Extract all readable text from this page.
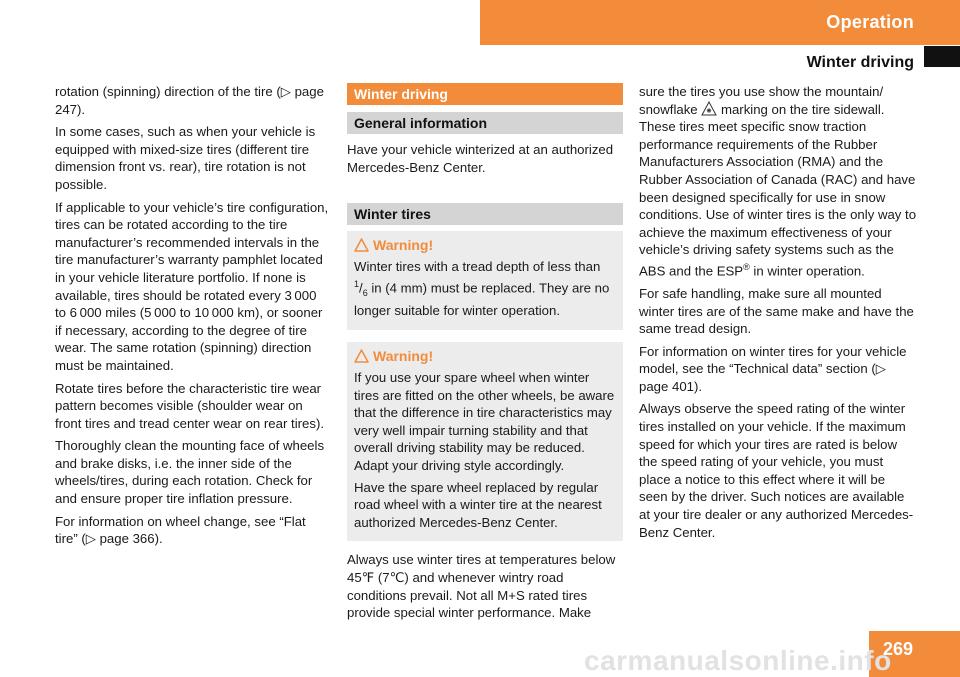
Operation
Winter driving

rotation (spinning) direction of the tire (▷ page 247).

In some cases, such as when your vehicle is equipped with mixed-size tires (different tire dimension front vs. rear), tire rotation is not possible.

If applicable to your vehicle’s tire configuration, tires can be rotated according to the tire manufacturer’s recommended intervals in the tire manufacturer’s warranty pamphlet located in your vehicle literature portfolio. If none is available, tires should be rotated every 3 000 to 6 000 miles (5 000 to 10 000 km), or sooner if necessary, according to the degree of tire wear. The same rotation (spinning) direction must be maintained.

Rotate tires before the characteristic tire wear pattern becomes visible (shoulder wear on front tires and tread center wear on rear tires).

Thoroughly clean the mounting face of wheels and brake disks, i.e. the inner side of the wheels/tires, during each rotation. Check for and ensure proper tire inflation pressure.

For information on wheel change, see “Flat tire” (▷ page 366).

Winter driving
General information

Have your vehicle winterized at an authorized Mercedes-Benz Center.

Winter tires
Warning!

Winter tires with a tread depth of less than $^1/_6$ in (4 mm) must be replaced. They are no longer suitable for winter operation.

Warning!

If you use your spare wheel when winter tires are fitted on the other wheels, be aware that the difference in tire characteristics may very well impair turning stability and that overall driving stability may be reduced. Adapt your driving style accordingly.

Have the spare wheel replaced by regular road wheel with a winter tire at the nearest authorized Mercedes-Benz Center.

Always use winter tires at temperatures below 45℉ (7℃) and whenever wintry road conditions prevail. Not all M+S rated tires provide special winter performance. Make

sure the tires you use show the mountain/ snowflake  marking on the tire sidewall. These tires meet specific snow traction performance requirements of the Rubber Manufacturers Association (RMA) and the Rubber Association of Canada (RAC) and have been designed specifically for use in snow conditions. Use of winter tires is the only way to achieve the maximum effectiveness of your vehicle’s driving safety systems such as the ABS and the ESP® in winter operation.

For safe handling, make sure all mounted winter tires are of the same make and have the same tread design.

For information on winter tires for your vehicle model, see the “Technical data” section (▷ page 401).

Always observe the speed rating of the winter tires installed on your vehicle. If the maximum speed for which your tires are rated is below the speed rating of your vehicle, you must place a notice to this effect where it will be seen by the driver. Such notices are available at your tire dealer or any authorized Mercedes-Benz Center.

269
carmanualsonline.info
